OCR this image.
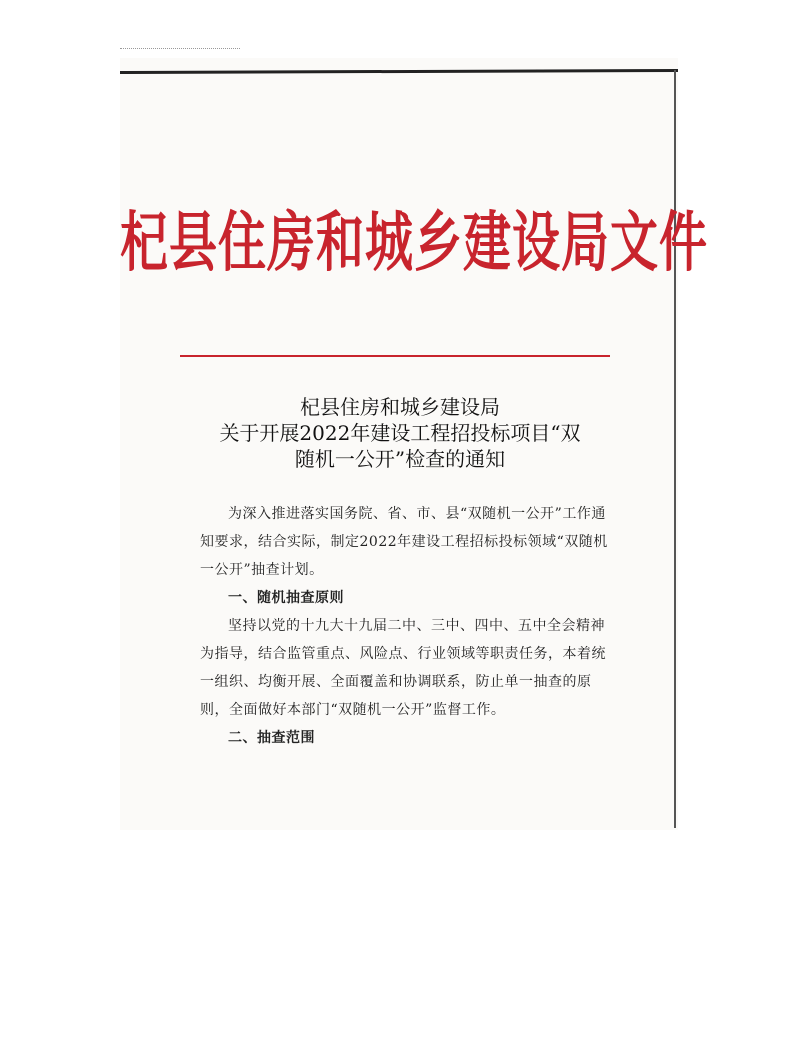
杞县住房和城乡建设局文件
杞县住房和城乡建设局
关于开展2022年建设工程招投标项目“双
随机一公开”检查的通知

为深入推进落实国务院、省、市、县“双随机一公开”工作通知要求，结合实际，制定2022年建设工程招标投标领域“双随机一公开”抽查计划。

一、随机抽查原则

坚持以党的十九大十九届二中、三中、四中、五中全会精神为指导，结合监管重点、风险点、行业领域等职责任务，本着统一组织、均衡开展、全面覆盖和协调联系，防止单一抽查的原则，全面做好本部门“双随机一公开”监督工作。

二、抽查范围
